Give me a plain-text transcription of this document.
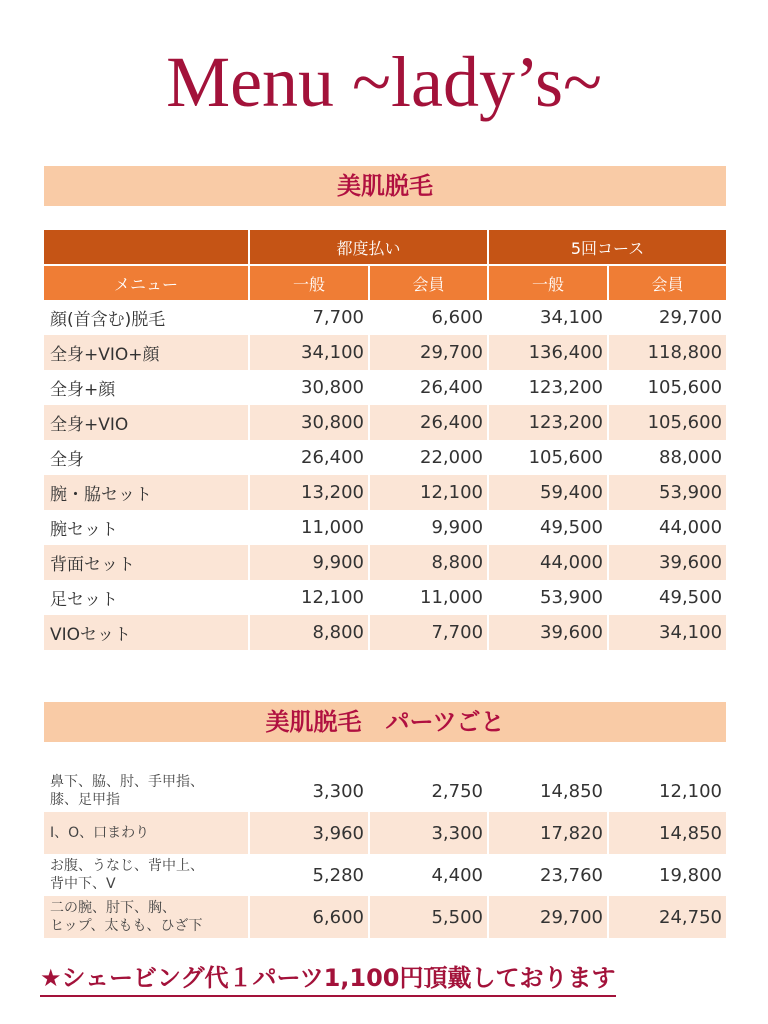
Menu ~lady’s~
美肌脱毛
	都度払い		5回コース	
メニュー	一般	会員	一般	会員
顔(首含む)脱毛	7,700	6,600	34,100	29,700
全身+VIO+顔	34,100	29,700	136,400	118,800
全身+顔	30,800	26,400	123,200	105,600
全身+VIO	30,800	26,400	123,200	105,600
全身	26,400	22,000	105,600	88,000
腕・脇セット	13,200	12,100	59,400	53,900
腕セット	11,000	9,900	49,500	44,000
背面セット	9,900	8,800	44,000	39,600
足セット	12,100	11,000	53,900	49,500
VIOセット	8,800	7,700	39,600	34,100
美肌脱毛　パーツごと
鼻下、脇、肘、手甲指、
膝、足甲指	3,300	2,750	14,850	12,100
I、O、口まわり	3,960	3,300	17,820	14,850
お腹、うなじ、背中上、
背中下、V	5,280	4,400	23,760	19,800
二の腕、肘下、胸、
ヒップ、太もも、ひざ下	6,600	5,500	29,700	24,750
★シェービング代１パーツ1,100円頂戴しております
